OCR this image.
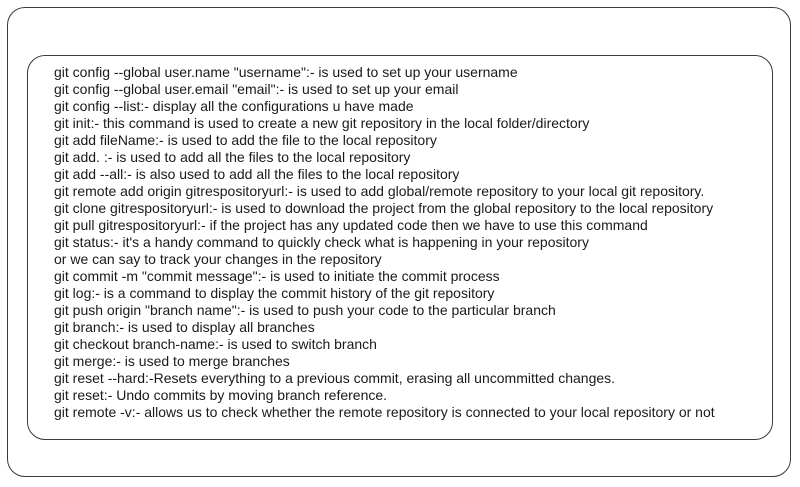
git config --global user.name "username":- is used to set up your username
git config --global user.email "email":- is used to set up your email
git config --list:- display all the configurations u have made
git init:- this command is used to create a new git repository in the local folder/directory
git add fileName:- is used to add the file to the local repository
git add. :- is used to add all the files to the local repository
git add --all:- is also used to add all the files to the local repository
git remote add origin gitrespositoryurl:- is used to add global/remote repository to your local git repository.
git clone gitrespositoryurl:- is used to download the project from the global repository to the local repository
git pull gitrespositoryurl:- if the project has any updated code then we have to use this command
git status:- it's a handy command to quickly check what is happening in your repository
or we can say to track your changes in the repository
git commit -m "commit message":- is used to initiate the commit process
git log:- is a command to display the commit history of the git repository
git push origin "branch name":- is used to push your code to the particular branch
git branch:- is used to display all branches
git checkout branch-name:- is used to switch branch
git merge:- is used to merge branches
git reset --hard:-Resets everything to a previous commit, erasing all uncommitted changes.
git reset:- Undo commits by moving branch reference.
git remote -v:- allows us to check whether the remote repository is connected to your local repository or not
